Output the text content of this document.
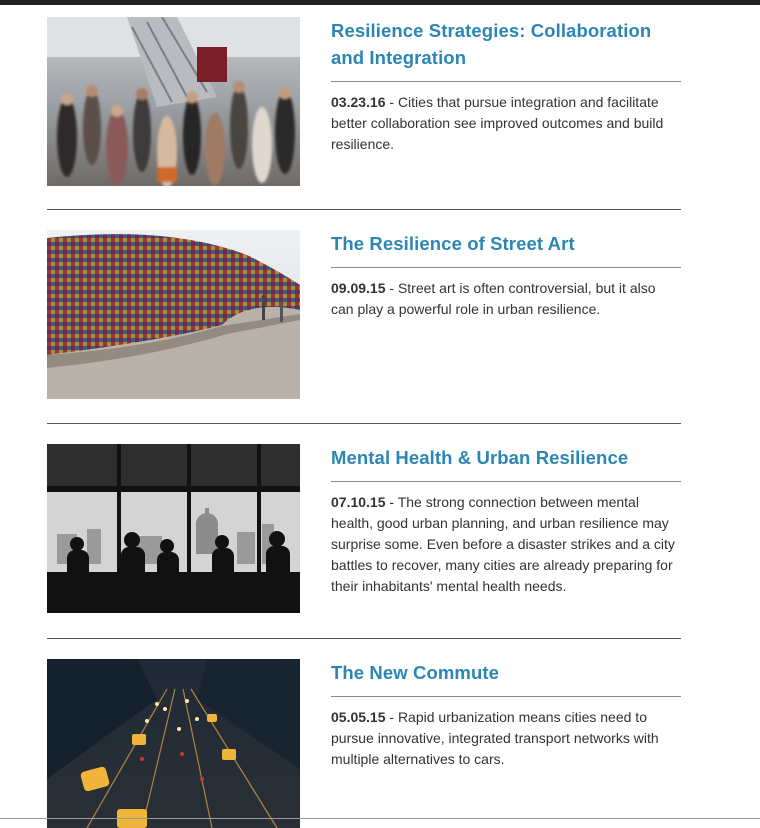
Resilience Strategies: Collaboration and Integration

03.23.16 - Cities that pursue integration and facilitate better collaboration see improved outcomes and build resilience.

The Resilience of Street Art

09.09.15 - Street art is often controversial, but it also can play a powerful role in urban resilience.

Mental Health & Urban Resilience

07.10.15 - The strong connection between mental health, good urban planning, and urban resilience may surprise some. Even before a disaster strikes and a city battles to recover, many cities are already preparing for their inhabitants' mental health needs.

The New Commute

05.05.15 - Rapid urbanization means cities need to pursue innovative, integrated transport networks with multiple alternatives to cars.
